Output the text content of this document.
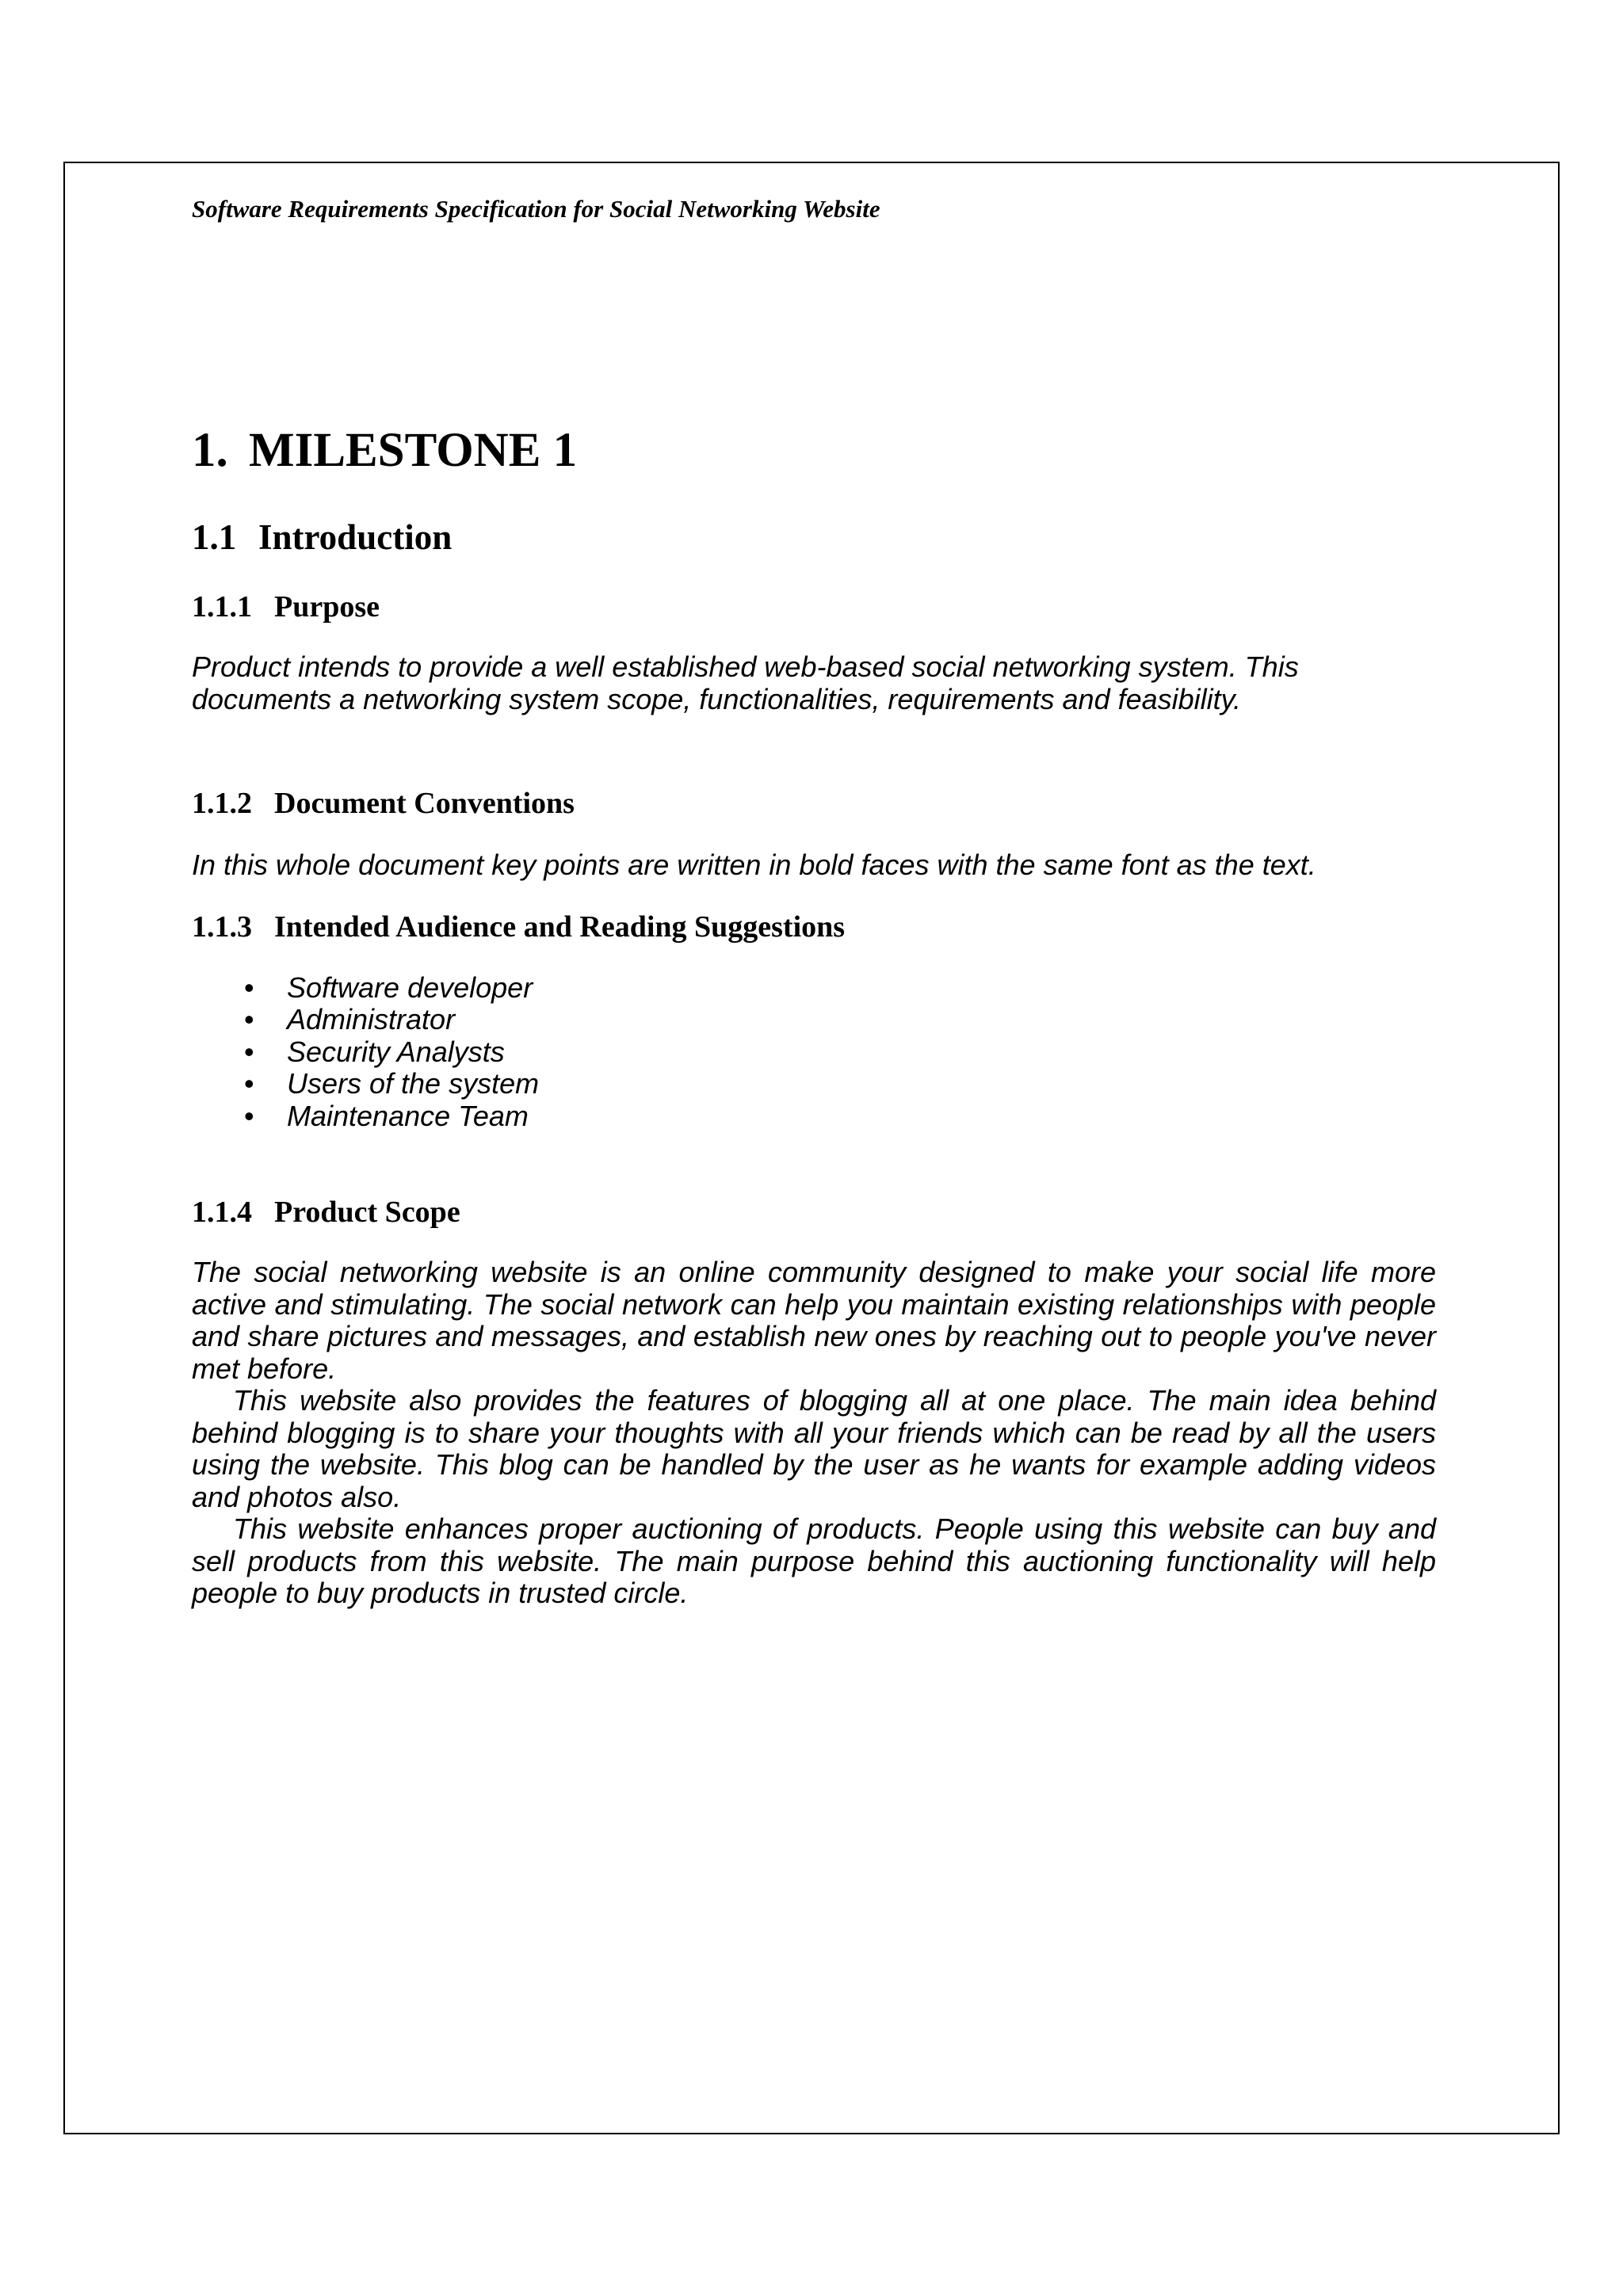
Software Requirements Specification for Social Networking Website

1. MILESTONE 1
1.1 Introduction
1.1.1 Purpose

Product intends to provide a well established web-based social networking system. This documents a networking system scope, functionalities, requirements and feasibility.

1.1.2 Document Conventions

In this whole document key points are written in bold faces with the same font as the text.

1.1.3 Intended Audience and Reading Suggestions
•	Software developer
•	Administrator
•	Security Analysts
•	Users of the system
•	Maintenance Team
1.1.4 Product Scope

The social networking website is an online community designed to make your social life more active and stimulating. The social network can help you maintain existing relationships with people and share pictures and messages, and establish new ones by reaching out to people you've never met before.

This website also provides the features of blogging all at one place. The main idea behind behind blogging is to share your thoughts with all your friends which can be read by all the users using the website. This blog can be handled by the user as he wants for example adding videos and photos also.

This website enhances proper auctioning of products. People using this website can buy and sell products from this website. The main purpose behind this auctioning functionality will help people to buy products in trusted circle.
